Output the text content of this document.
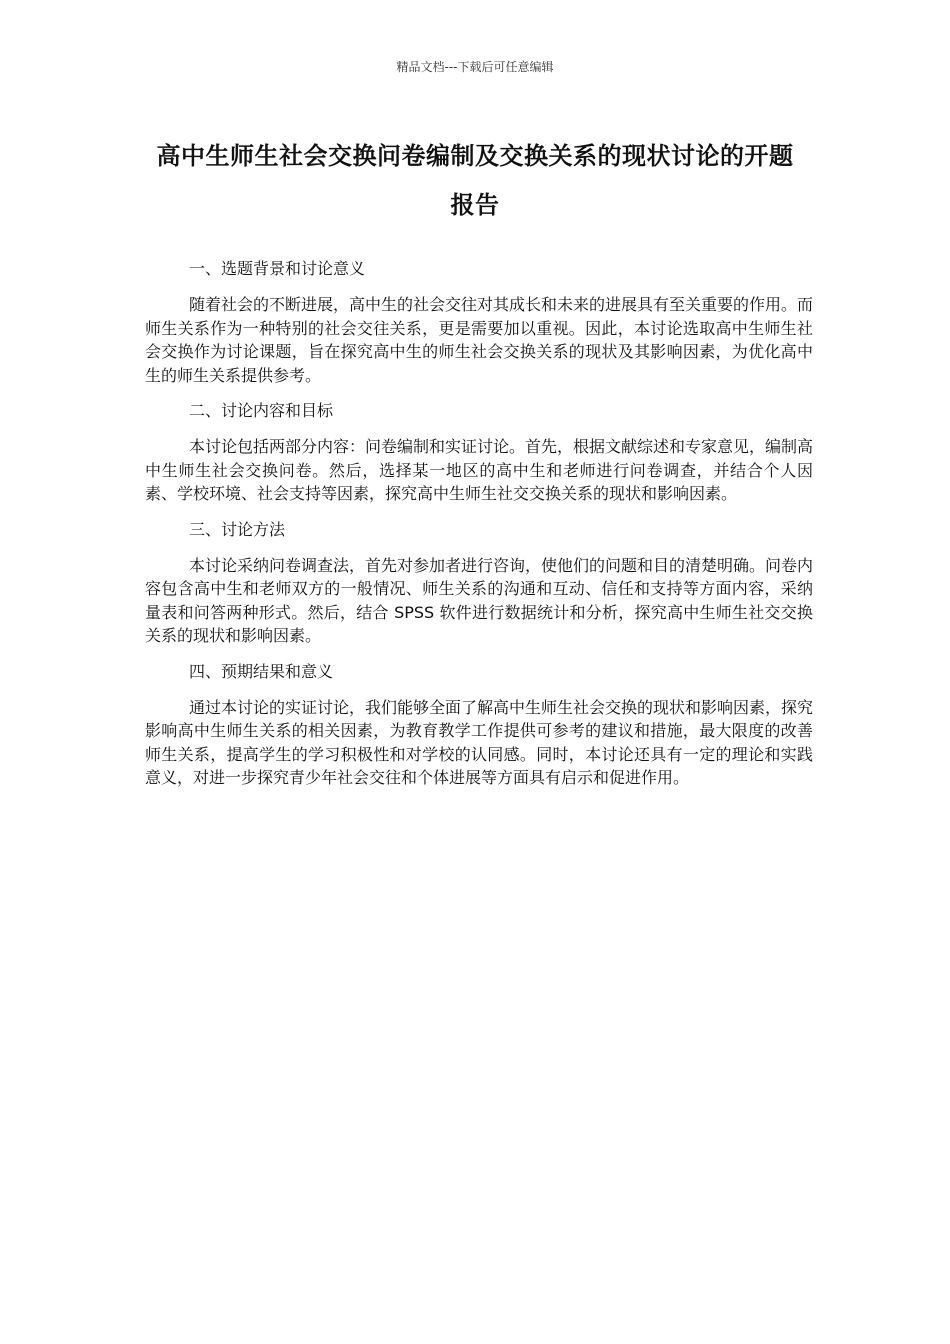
精品文档---下载后可任意编辑
高中生师生社会交换问卷编制及交换关系的现状讨论的开题报告

一、选题背景和讨论意义

随着社会的不断进展，高中生的社会交往对其成长和未来的进展具有至关重要的作用。而师生关系作为一种特别的社会交往关系，更是需要加以重视。因此，本讨论选取高中生师生社会交换作为讨论课题，旨在探究高中生的师生社会交换关系的现状及其影响因素，为优化高中生的师生关系提供参考。

二、讨论内容和目标

本讨论包括两部分内容：问卷编制和实证讨论。首先，根据文献综述和专家意见，编制高中生师生社会交换问卷。然后，选择某一地区的高中生和老师进行问卷调查，并结合个人因素、学校环境、社会支持等因素，探究高中生师生社交交换关系的现状和影响因素。

三、讨论方法

本讨论采纳问卷调查法，首先对参加者进行咨询，使他们的问题和目的清楚明确。问卷内容包含高中生和老师双方的一般情况、师生关系的沟通和互动、信任和支持等方面内容，采纳量表和问答两种形式。然后，结合 SPSS 软件进行数据统计和分析，探究高中生师生社交交换关系的现状和影响因素。

四、预期结果和意义

通过本讨论的实证讨论，我们能够全面了解高中生师生社会交换的现状和影响因素，探究影响高中生师生关系的相关因素，为教育教学工作提供可参考的建议和措施，最大限度的改善师生关系，提高学生的学习积极性和对学校的认同感。同时，本讨论还具有一定的理论和实践意义，对进一步探究青少年社会交往和个体进展等方面具有启示和促进作用。
